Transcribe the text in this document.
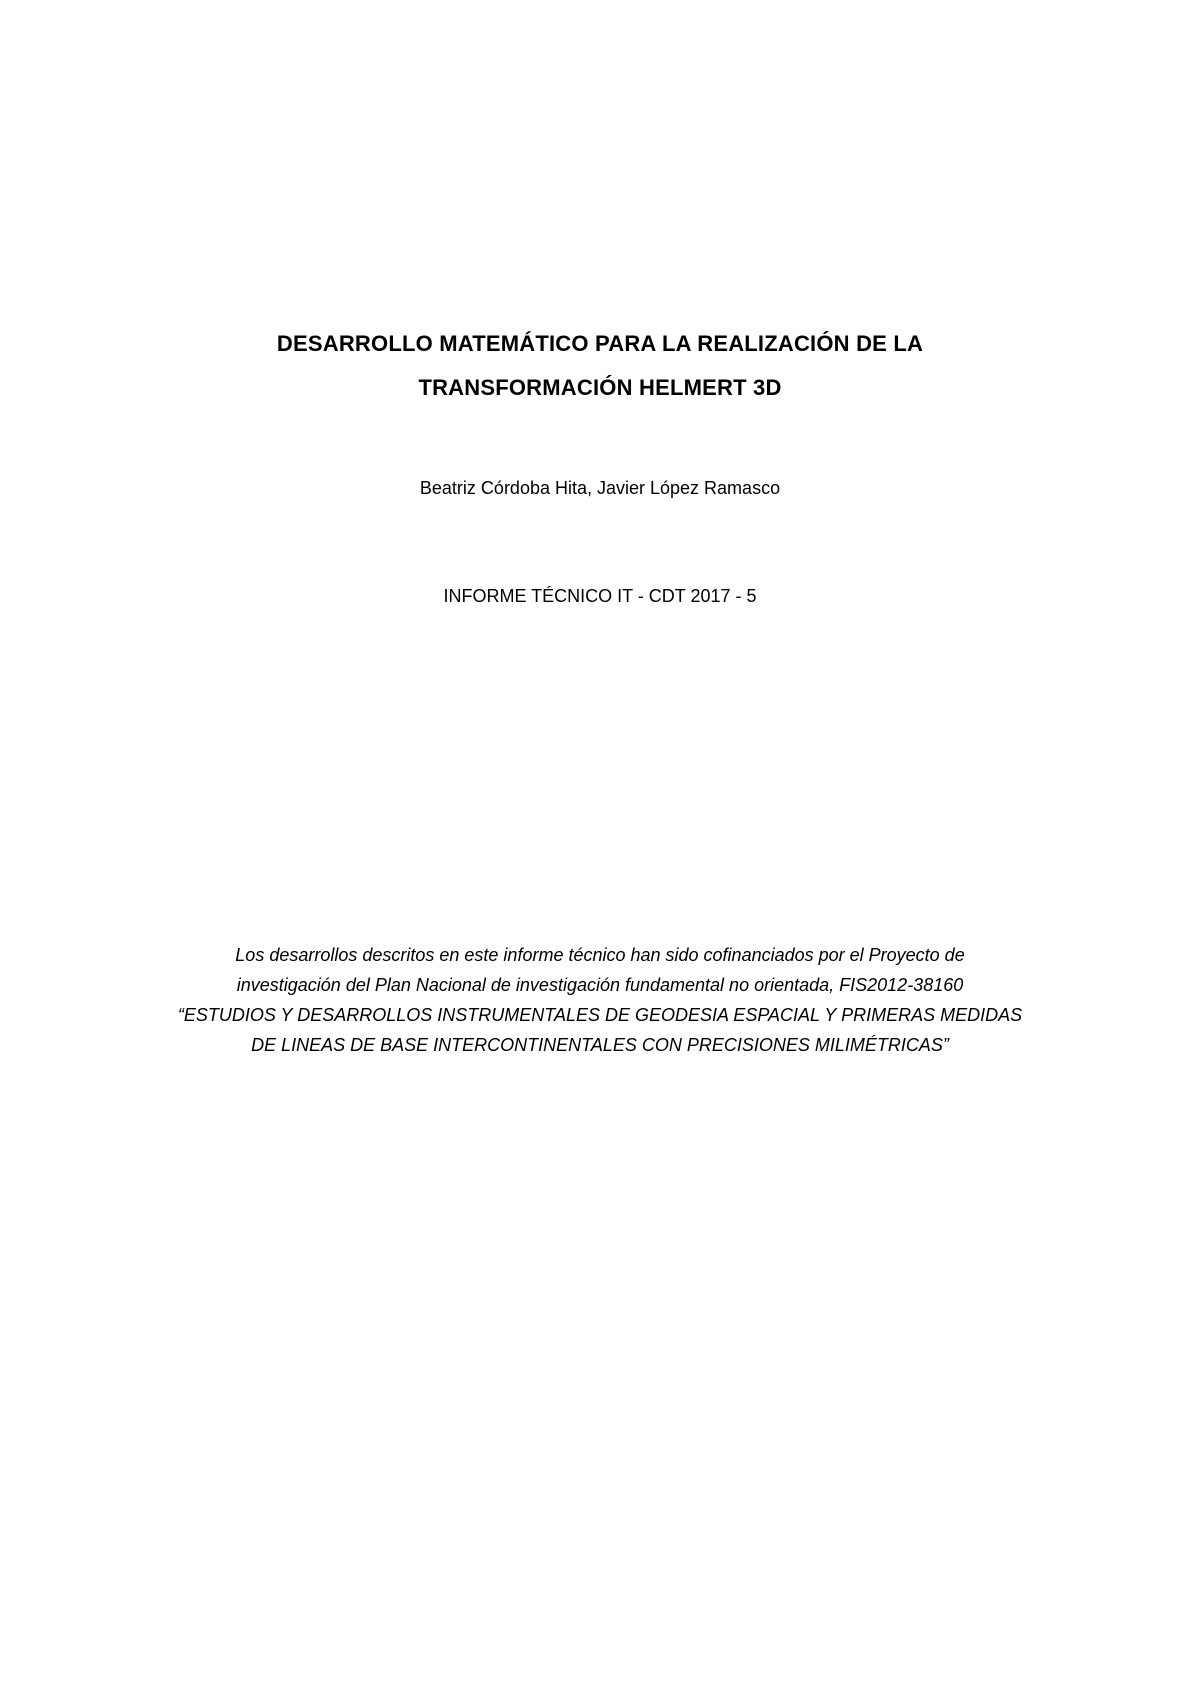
DESARROLLO MATEMÁTICO PARA LA REALIZACIÓN DE LA
TRANSFORMACIÓN HELMERT 3D
Beatriz Córdoba Hita, Javier López Ramasco
INFORME TÉCNICO IT - CDT 2017 - 5
Los desarrollos descritos en este informe técnico han sido cofinanciados por el Proyecto de
investigación del Plan Nacional de investigación fundamental no orientada, FIS2012-38160
“ESTUDIOS Y DESARROLLOS INSTRUMENTALES DE GEODESIA ESPACIAL Y PRIMERAS MEDIDAS
DE LINEAS DE BASE INTERCONTINENTALES CON PRECISIONES MILIMÉTRICAS”
